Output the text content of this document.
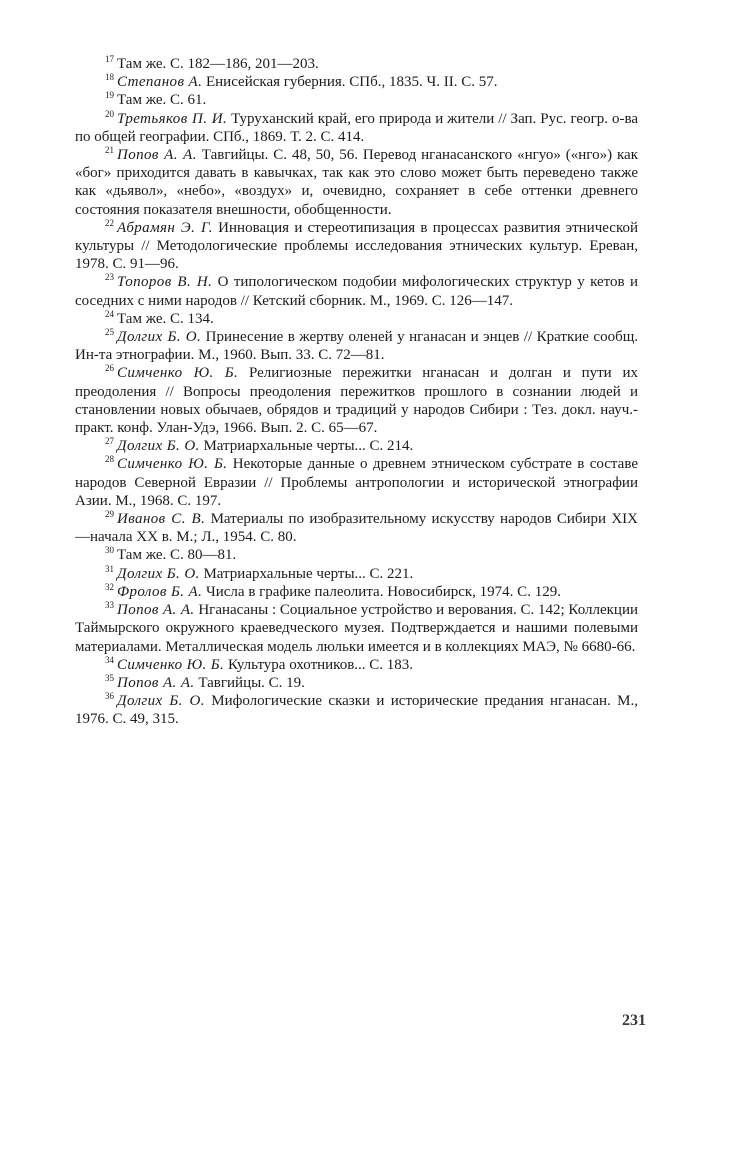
$^{17}$ Там же. С. 182—186, 201—203.

$^{18}$ Степанов А. Енисейская губерния. СПб., 1835. Ч. II. С. 57.

$^{19}$ Там же. С. 61.

$^{20}$ Третьяков П. И. Туруханский край, его природа и жители // Зап. Рус. геогр. о-ва по общей географии. СПб., 1869. Т. 2. С. 414.

$^{21}$ Попов А. А. Тавгийцы. С. 48, 50, 56. Перевод нганасанского «нгуо» («нго») как «бог» приходится давать в кавычках, так как это слово может быть переведено также как «дьявол», «небо», «воздух» и, очевидно, сохраняет в себе оттенки древнего состояния показателя внешности, обобщенности.

$^{22}$ Абрамян Э. Г. Инновация и стереотипизация в процессах развития этнической культуры // Методологические проблемы исследования этнических культур. Ереван, 1978. С. 91—96.

$^{23}$ Топоров В. Н. О типологическом подобии мифологических структур у кетов и соседних с ними народов // Кетский сборник. М., 1969. С. 126—147.

$^{24}$ Там же. С. 134.

$^{25}$ Долгих Б. О. Принесение в жертву оленей у нганасан и энцев // Краткие сообщ. Ин-та этнографии. М., 1960. Вып. 33. С. 72—81.

$^{26}$ Симченко Ю. Б. Религиозные пережитки нганасан и долган и пути их преодоления // Вопросы преодоления пережитков прошлого в сознании людей и становлении новых обычаев, обрядов и традиций у народов Сибири : Тез. докл. науч.-практ. конф. Улан-Удэ, 1966. Вып. 2. С. 65—67.

$^{27}$ Долгих Б. О. Матриархальные черты... С. 214.

$^{28}$ Симченко Ю. Б. Некоторые данные о древнем этническом субстрате в составе народов Северной Евразии // Проблемы антропологии и исторической этнографии Азии. М., 1968. С. 197.

$^{29}$ Иванов С. В. Материалы по изобразительному искусству народов Сибири XIX—начала XX в. М.; Л., 1954. С. 80.

$^{30}$ Там же. С. 80—81.

$^{31}$ Долгих Б. О. Матриархальные черты... С. 221.

$^{32}$ Фролов Б. А. Числа в графике палеолита. Новосибирск, 1974. С. 129.

$^{33}$ Попов А. А. Нганасаны : Социальное устройство и верования. С. 142; Коллекции Таймырского окружного краеведческого музея. Подтверждается и нашими полевыми материалами. Металлическая модель люльки имеется и в коллекциях МАЭ, № 6680-66.

$^{34}$ Симченко Ю. Б. Культура охотников... С. 183.

$^{35}$ Попов А. А. Тавгийцы. С. 19.

$^{36}$ Долгих Б. О. Мифологические сказки и исторические предания нганасан. М., 1976. С. 49, 315.

231
